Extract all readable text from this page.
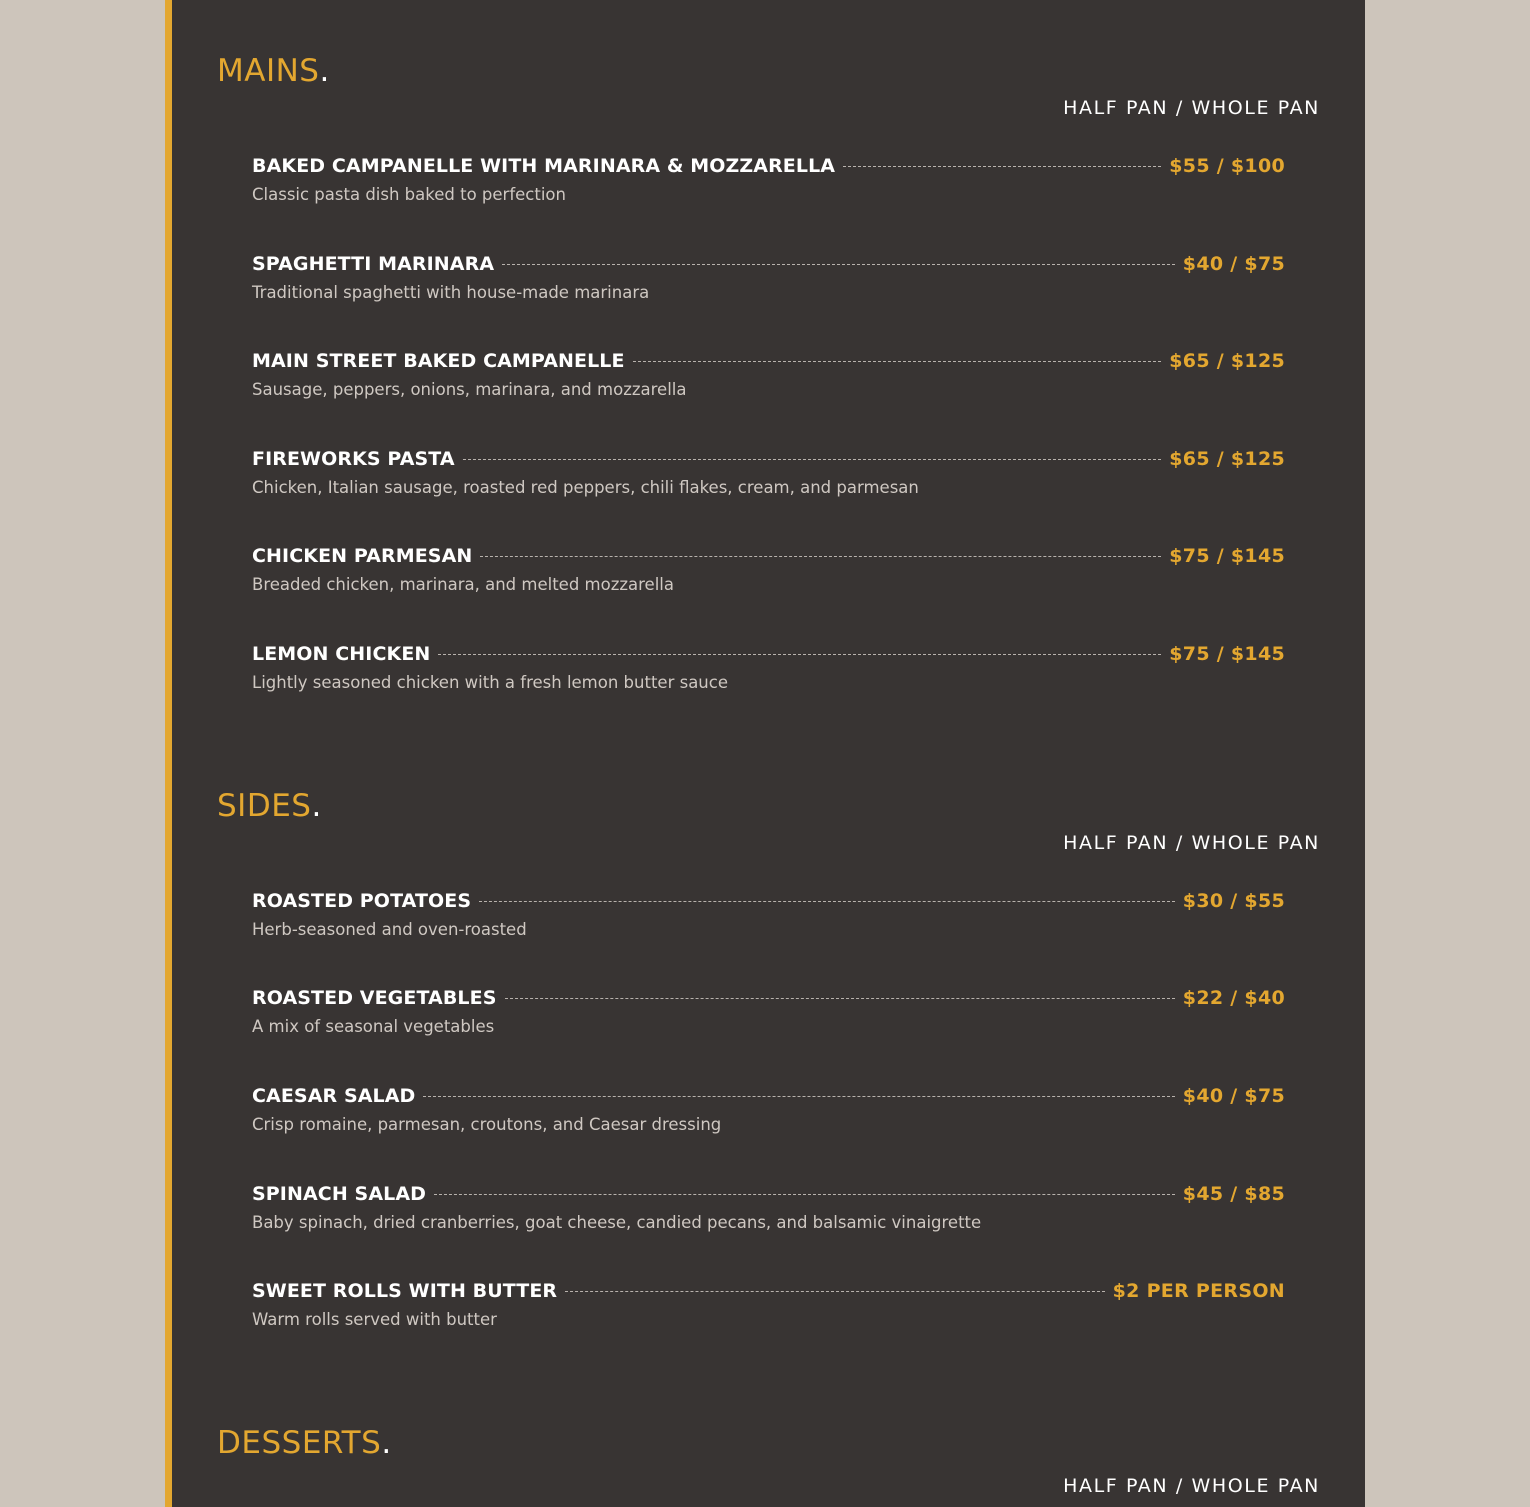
MAINS.
HALF PAN / WHOLE PAN
BAKED CAMPANELLE WITH MARINARA & MOZZARELLA	$55 / $100
Classic pasta dish baked to perfection
SPAGHETTI MARINARA	$40 / $75
Traditional spaghetti with house-made marinara
MAIN STREET BAKED CAMPANELLE	$65 / $125
Sausage, peppers, onions, marinara, and mozzarella
FIREWORKS PASTA	$65 / $125
Chicken, Italian sausage, roasted red peppers, chili flakes, cream, and parmesan
CHICKEN PARMESAN	$75 / $145
Breaded chicken, marinara, and melted mozzarella
LEMON CHICKEN	$75 / $145
Lightly seasoned chicken with a fresh lemon butter sauce
SIDES.
HALF PAN / WHOLE PAN
ROASTED POTATOES	$30 / $55
Herb-seasoned and oven-roasted
ROASTED VEGETABLES	$22 / $40
A mix of seasonal vegetables
CAESAR SALAD	$40 / $75
Crisp romaine, parmesan, croutons, and Caesar dressing
SPINACH SALAD	$45 / $85
Baby spinach, dried cranberries, goat cheese, candied pecans, and balsamic vinaigrette
SWEET ROLLS WITH BUTTER	$2 PER PERSON
Warm rolls served with butter
DESSERTS.
HALF PAN / WHOLE PAN
